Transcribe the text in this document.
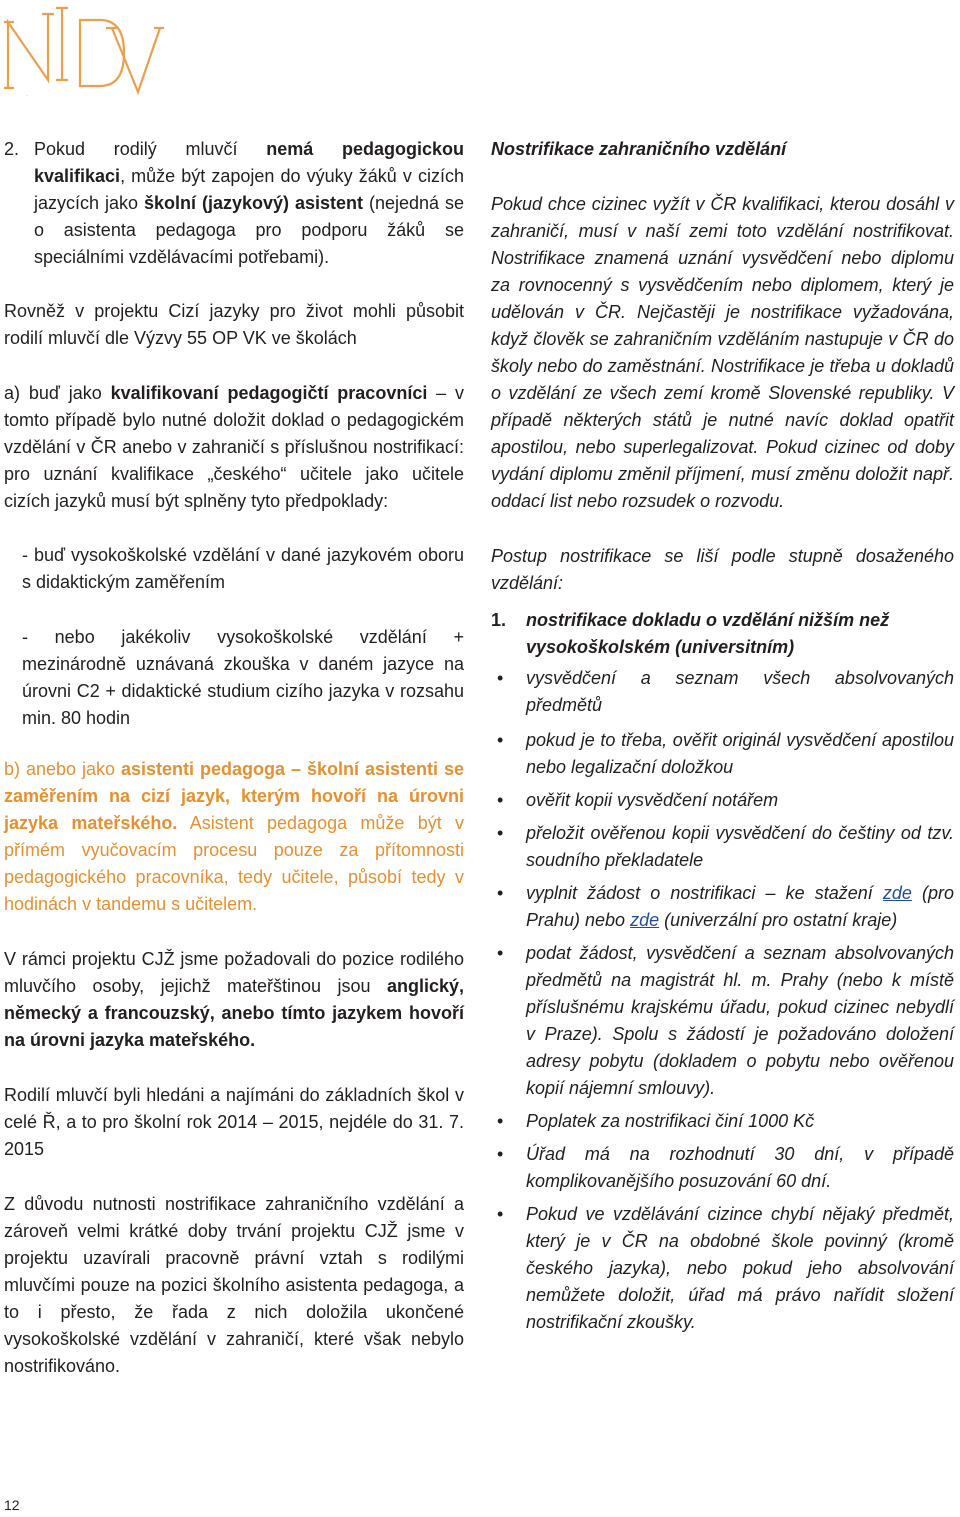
NIDV
2. Pokud rodilý mluvčí nemá pedagogickou kvalifikaci, může být zapojen do výuky žáků v cizích jazycích jako školní (jazykový) asistent (nejedná se o asistenta pedagoga pro podporu žáků se speciálními vzdělávacími potřebami).

Rovněž v projektu Cizí jazyky pro život mohli působit rodilí mluvčí dle Výzvy 55 OP VK ve školách

a) buď jako kvalifikovaní pedagogičtí pracovníci – v tomto případě bylo nutné doložit doklad o pedagogickém vzdělání v ČR anebo v zahraničí s příslušnou nostrifikací: pro uznání kvalifikace „českého“ učitele jako učitele cizích jazyků musí být splněny tyto předpoklady:

- buď vysokoškolské vzdělání v dané jazykovém oboru s didaktickým zaměřením

- nebo jakékoliv vysokoškolské vzdělání + mezinárodně uznávaná zkouška v daném jazyce na úrovni C2 + didaktické studium cizího jazyka v rozsahu min. 80 hodin

b) anebo jako asistenti pedagoga – školní asistenti se zaměřením na cizí jazyk, kterým hovoří na úrovni jazyka mateřského. Asistent pedagoga může být v přímém vyučovacím procesu pouze za přítomnosti pedagogického pracovníka, tedy učitele, působí tedy v hodinách v tandemu s učitelem.

V rámci projektu CJŽ jsme požadovali do pozice rodilého mluvčího osoby, jejichž mateřštinou jsou anglický, německý a francouzský, anebo tímto jazykem hovoří na úrovni jazyka mateřského.

Rodilí mluvčí byli hledáni a najímáni do základních škol v celé Ř, a to pro školní rok 2014 – 2015, nejdéle do 31. 7. 2015

Z důvodu nutnosti nostrifikace zahraničního vzdělání a zároveň velmi krátké doby trvání projektu CJŽ jsme v projektu uzavírali pracovně právní vztah s rodilými mluvčími pouze na pozici školního asistenta pedagoga, a to i přesto, že řada z nich doložila ukončené vysokoškolské vzdělání v zahraničí, které však nebylo nostrifikováno.

Nostrifikace zahraničního vzdělání

Pokud chce cizinec vyžít v ČR kvalifikaci, kterou dosáhl v zahraničí, musí v naší zemi toto vzdělání nostrifikovat. Nostrifikace znamená uznání vysvědčení nebo diplomu za rovnocenný s vysvědčením nebo diplomem, který je udělován v ČR. Nejčastěji je nostrifikace vyžadována, když člověk se zahraničním vzděláním nastupuje v ČR do školy nebo do zaměstnání. Nostrifikace je třeba u dokladů o vzdělání ze všech zemí kromě Slovenské republiky. V případě některých států je nutné navíc doklad opatřit apostilou, nebo superlegalizovat. Pokud cizinec od doby vydání diplomu změnil příjmení, musí změnu doložit např. oddací list nebo rozsudek o rozvodu.

Postup nostrifikace se liší podle stupně dosaženého vzdělání:

1.	nostrifikace dokladu o vzdělání nižším než vysokoškolském (universitním)
• vysvědčení a seznam všech absolvovaných předmětů
• pokud je to třeba, ověřit originál vysvědčení apostilou nebo legalizační doložkou
• ověřit kopii vysvědčení notářem
• přeložit ověřenou kopii vysvědčení do češtiny od tzv. soudního překladatele
• vyplnit žádost o nostrifikaci – ke stažení zde (pro Prahu) nebo zde (univerzální pro ostatní kraje)
• podat žádost, vysvědčení a seznam absolvovaných předmětů na magistrát hl. m. Prahy (nebo k místě příslušnému krajskému úřadu, pokud cizinec nebydlí v Praze). Spolu s žádostí je požadováno doložení adresy pobytu (dokladem o pobytu nebo ověřenou kopií nájemní smlouvy).
• Poplatek za nostrifikaci činí 1000 Kč
• Úřad má na rozhodnutí 30 dní, v případě komplikovanějšího posuzování 60 dní.
• Pokud ve vzdělávání cizince chybí nějaký předmět, který je v ČR na obdobné škole povinný (kromě českého jazyka), nebo pokud jeho absolvování nemůžete doložit, úřad má právo nařídit složení nostrifikační zkoušky.
12
